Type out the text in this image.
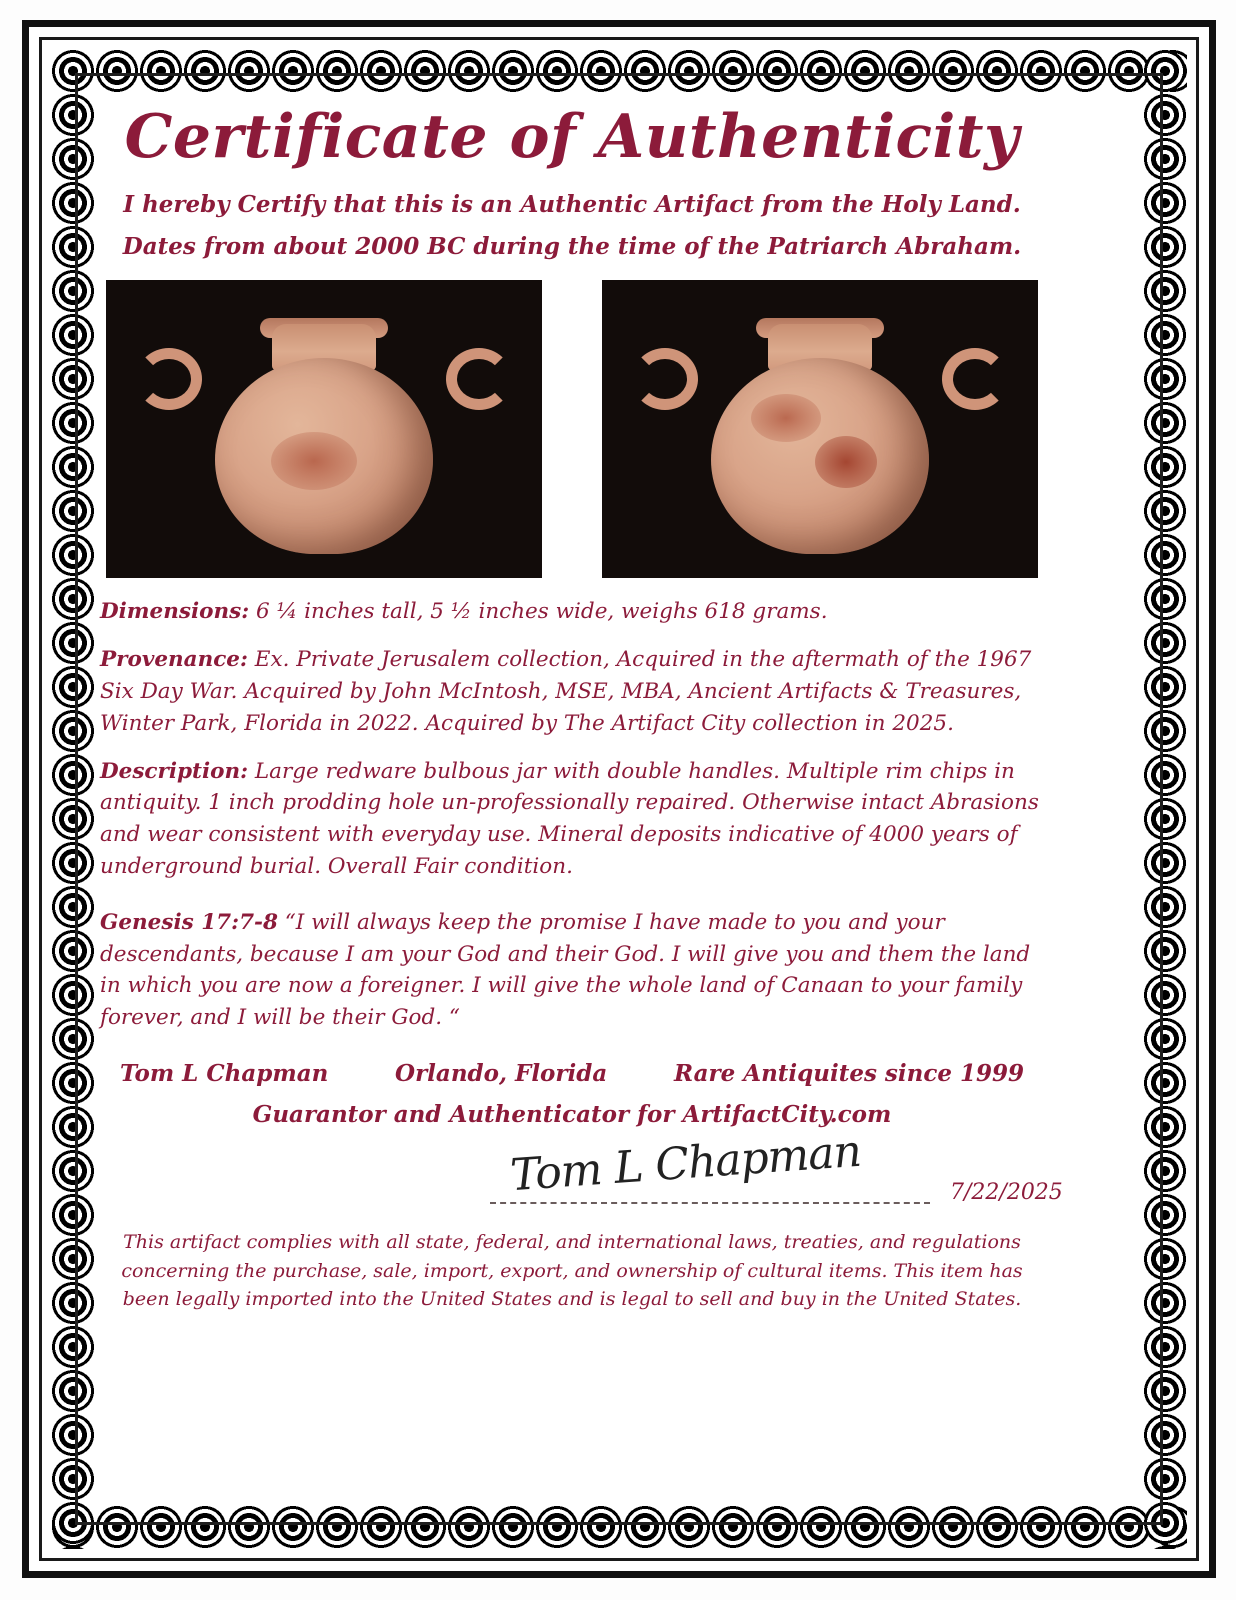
Certificate of Authenticity
I hereby Certify that this is an Authentic Artifact from the Holy Land.
Dates from about 2000 BC during the time of the Patriarch Abraham.
Dimensions: 6 ¼ inches tall, 5 ½ inches wide, weighs 618 grams.
Provenance: Ex. Private Jerusalem collection, Acquired in the aftermath of the 1967 Six Day War. Acquired by John McIntosh, MSE, MBA, Ancient Artifacts & Treasures, Winter Park, Florida in 2022. Acquired by The Artifact City collection in 2025.
Description: Large redware bulbous jar with double handles. Multiple rim chips in antiquity. 1 inch prodding hole un-professionally repaired. Otherwise intact Abrasions and wear consistent with everyday use. Mineral deposits indicative of 4000 years of underground burial. Overall Fair condition.
Genesis 17:7-8 “I will always keep the promise I have made to you and your descendants, because I am your God and their God. I will give you and them the land in which you are now a foreigner. I will give the whole land of Canaan to your family forever, and I will be their God. “
Tom L Chapman	Orlando, Florida	Rare Antiquites since 1999
Guarantor and Authenticator for ArtifactCity.com
Tom L Chapman	7/22/2025
This artifact complies with all state, federal, and international laws, treaties, and regulations concerning the purchase, sale, import, export, and ownership of cultural items. This item has been legally imported into the United States and is legal to sell and buy in the United States.
